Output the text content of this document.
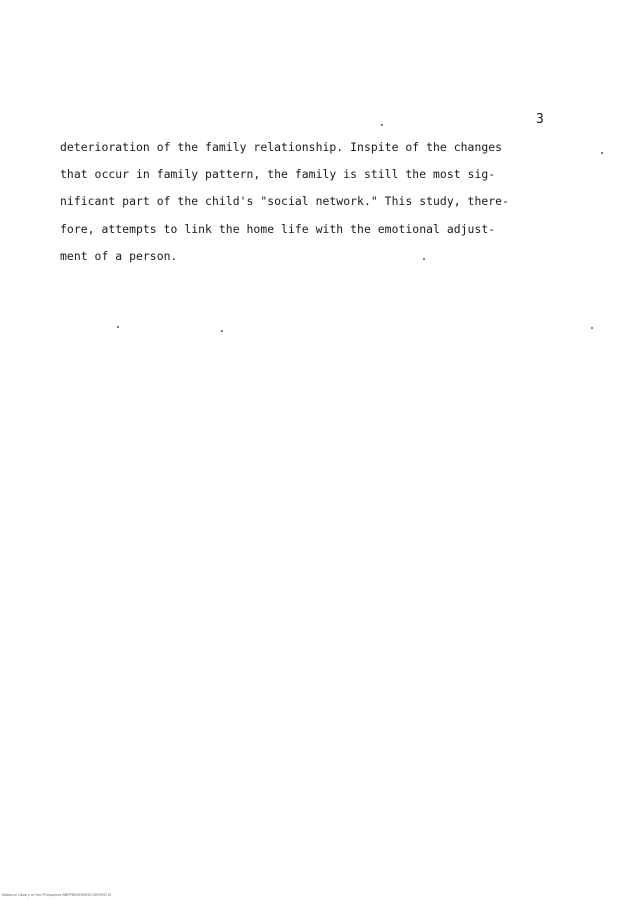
3
deterioration of the family relationship. Inspite of the changes
that occur in family pattern, the family is still the most sig-
nificant part of the child's "social network." This study, there-
fore, attempts to link the home life with the emotional adjust-
ment of a person.
National Library of the Philippines BNPPRESERVEDCONTENT III
